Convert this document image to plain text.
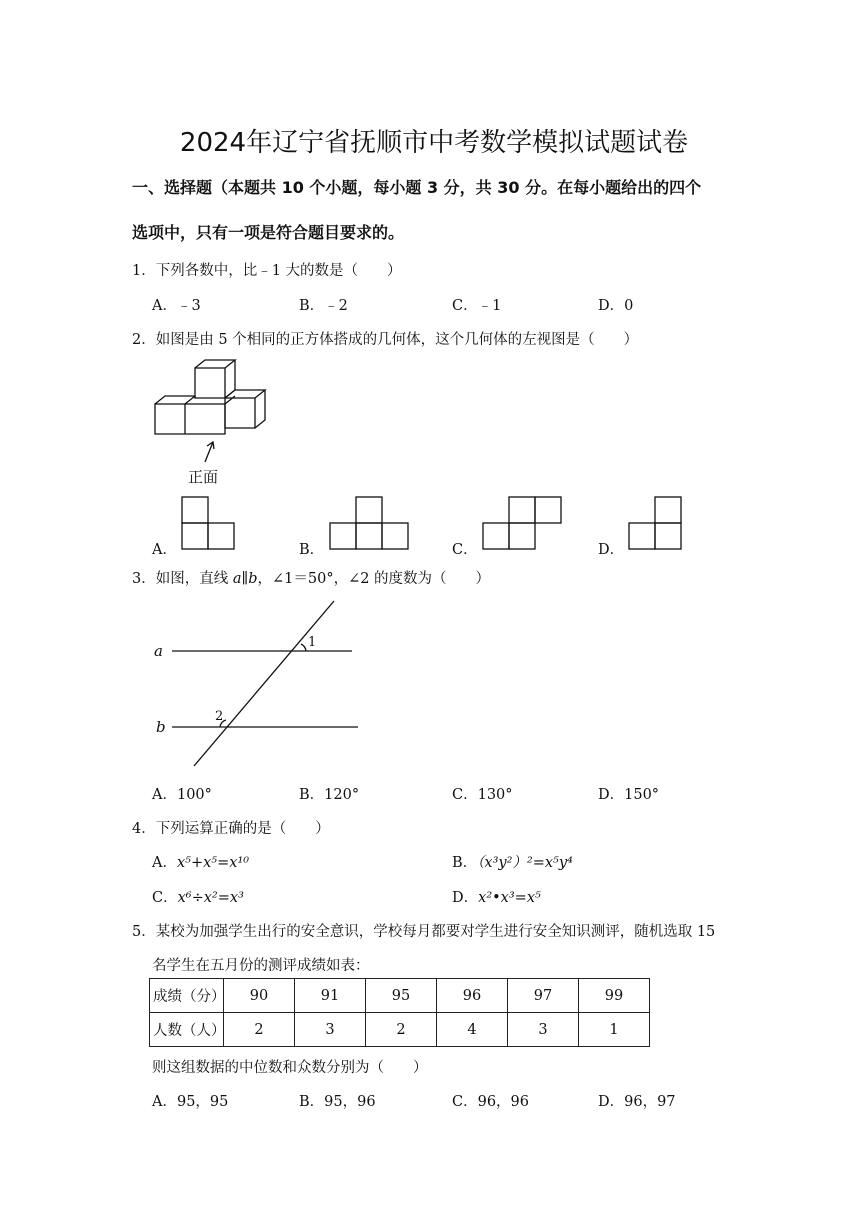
2024年辽宁省抚顺市中考数学模拟试题试卷
一、选择题（本题共 10 个小题，每小题 3 分，共 30 分。在每小题给出的四个
选项中，只有一项是符合题目要求的。
1．下列各数中，比﹣1 大的数是（　　）
A．﹣3	B．﹣2	C．﹣1	D．0
2．如图是由 5 个相同的正方体搭成的几何体，这个几何体的左视图是（　　）
正面
A．	B．	C．	D．
3．如图，直线 a∥b，∠1＝50°，∠2 的度数为（　　）
a
b
1
2
A．100°	B．120°	C．130°	D．150°
4．下列运算正确的是（　　）
A．x⁵+x⁵=x¹⁰	B．（x³y²）²=x⁵y⁴
C．x⁶÷x²=x³	D．x²•x³=x⁵
5．某校为加强学生出行的安全意识，学校每月都要对学生进行安全知识测评，随机选取 15
名学生在五月份的测评成绩如表：
成绩（分）	90	91	95	96	97	99
人数（人）	2	3	2	4	3	1
则这组数据的中位数和众数分别为（　　）
A．95，95	B．95，96	C．96，96	D．96，97
